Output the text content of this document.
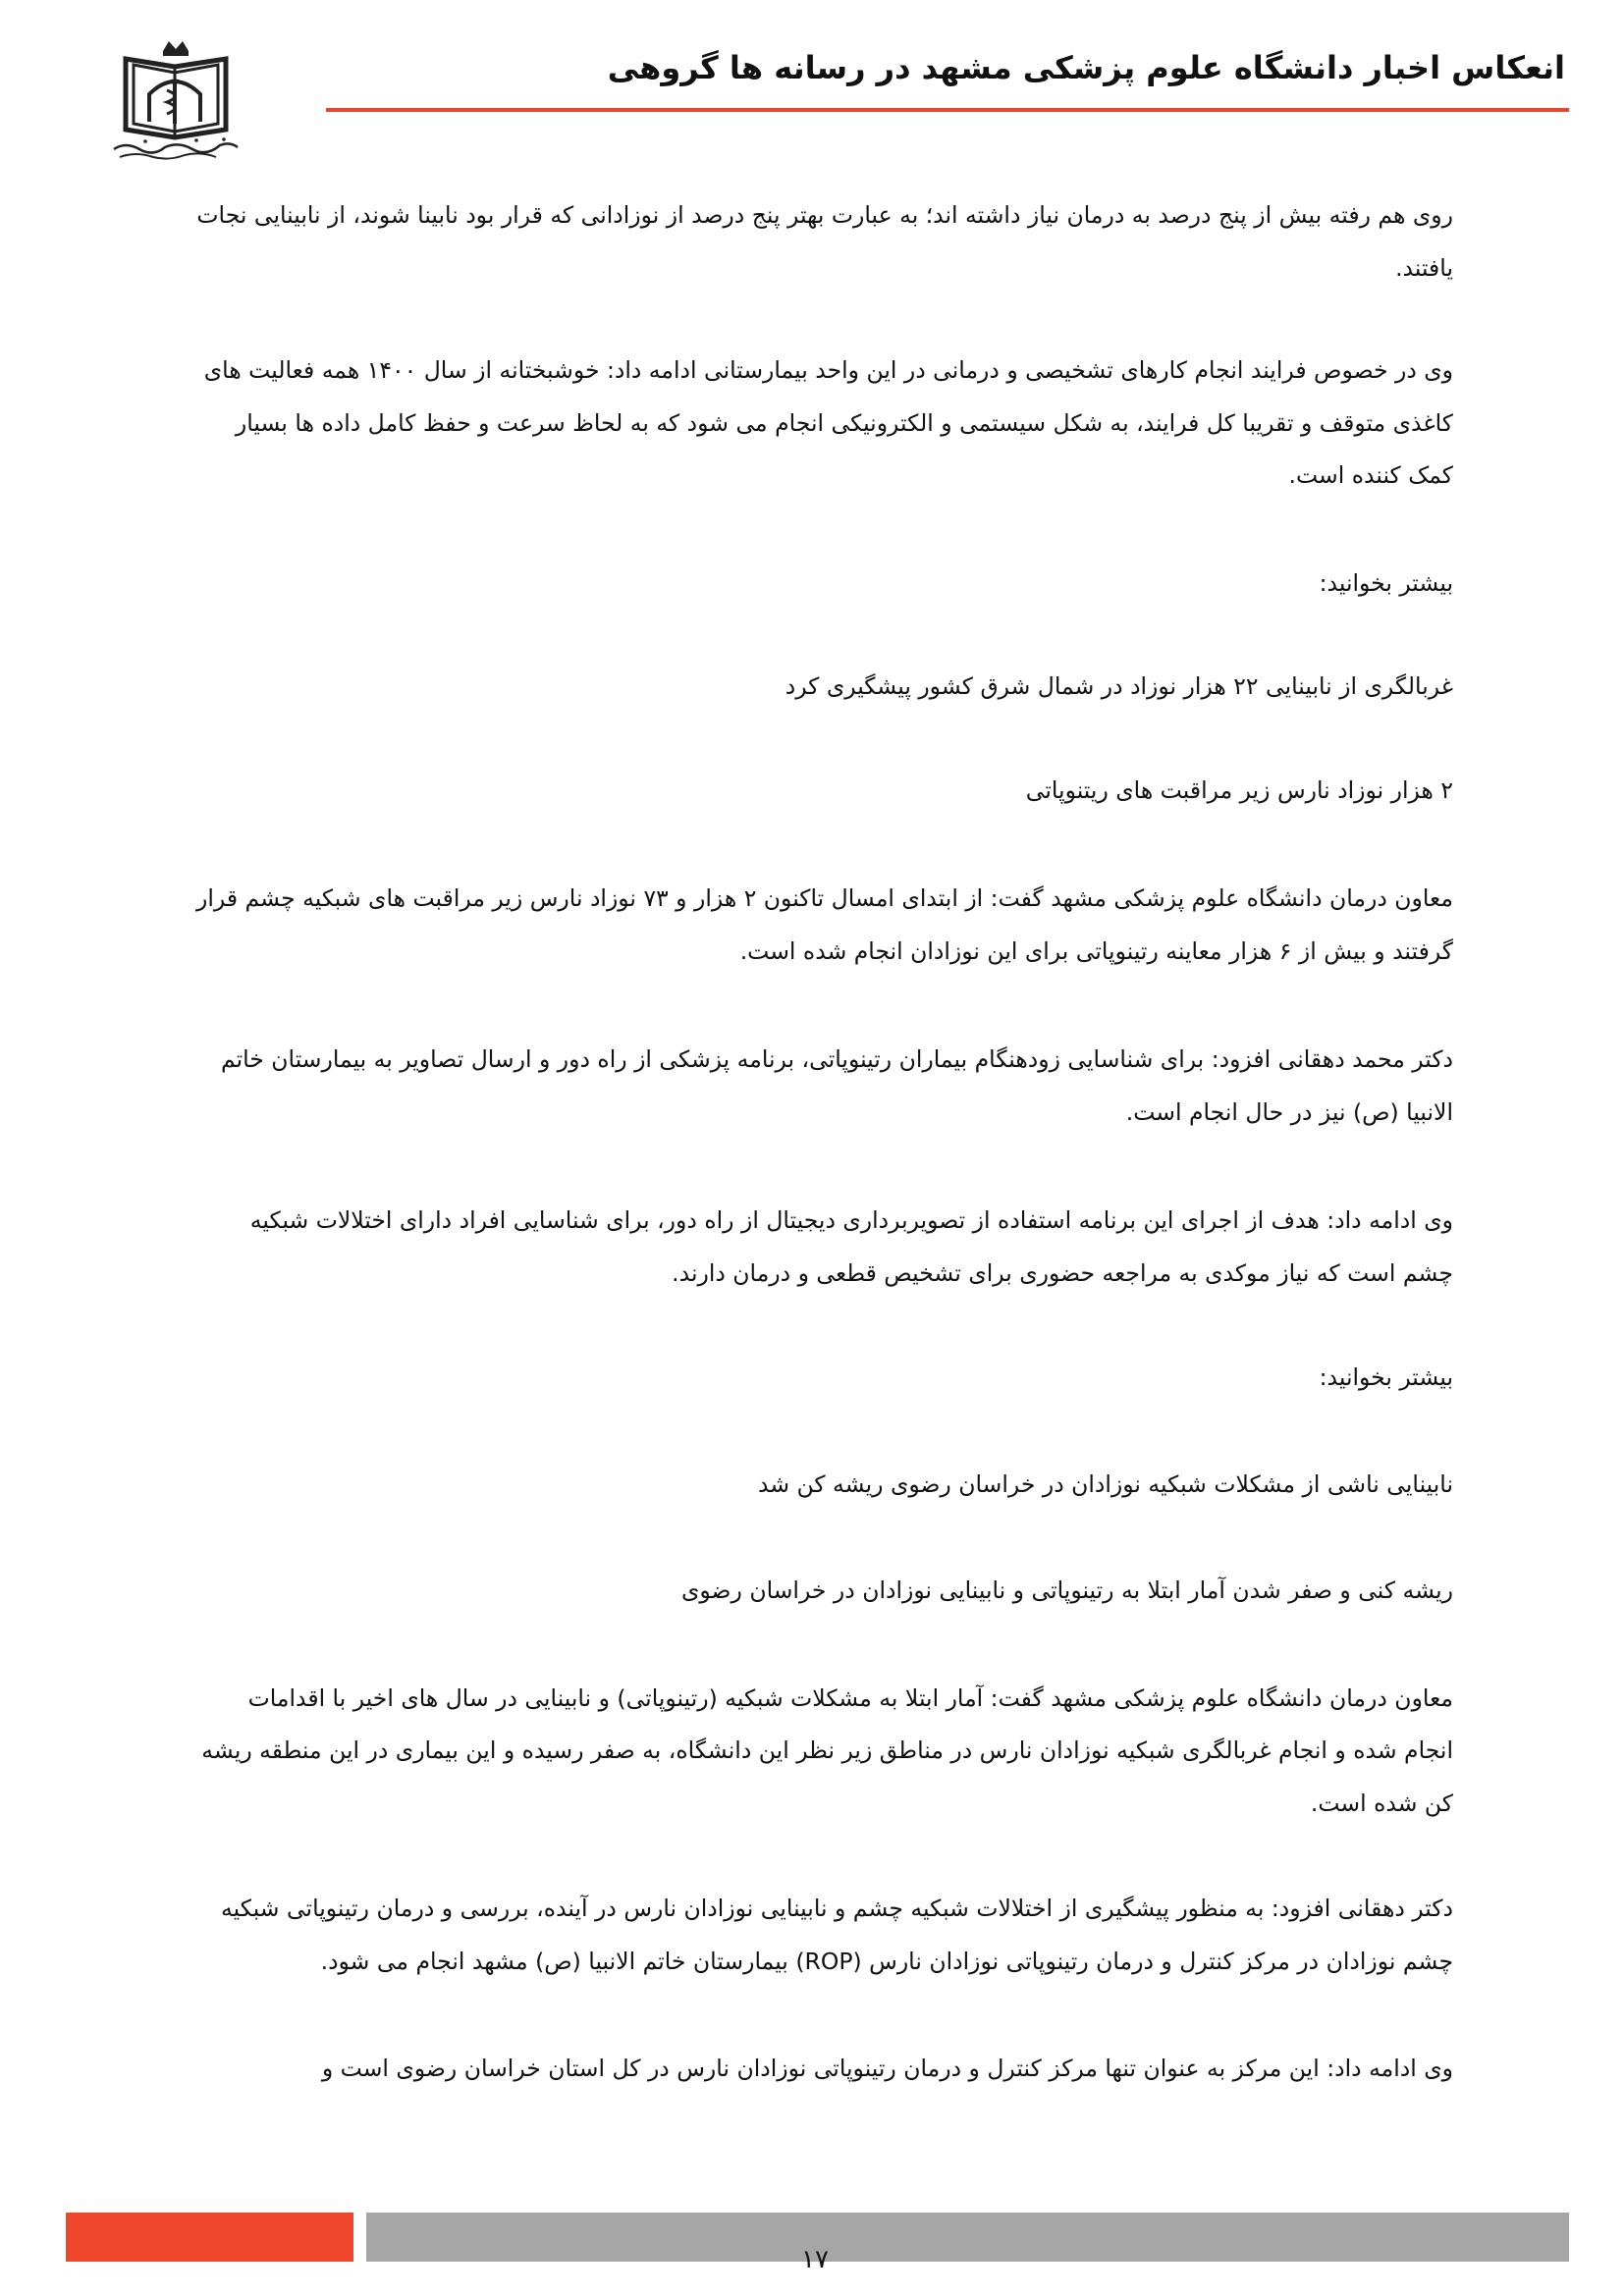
انعکاس اخبار دانشگاه علوم پزشکی مشهد در رسانه ها گروهی

روی هم رفته بیش از پنج درصد به درمان نیاز داشته اند؛ به عبارت بهتر پنج درصد از نوزادانی که قرار بود نابینا شوند، از نابینایی نجات یافتند.

وی در خصوص فرایند انجام کارهای تشخیصی و درمانی در این واحد بیمارستانی ادامه داد: خوشبختانه از سال ۱۴۰۰ همه فعالیت های کاغذی متوقف و تقریبا کل فرایند، به شکل سیستمی و الکترونیکی انجام می شود که به لحاظ سرعت و حفظ کامل داده ها بسیار کمک کننده است.

بیشتر بخوانید:

غربالگری از نابینایی ۲۲ هزار نوزاد در شمال شرق کشور پیشگیری کرد

۲ هزار نوزاد نارس زیر مراقبت های ریتنوپاتی

معاون درمان دانشگاه علوم پزشکی مشهد گفت: از ابتدای امسال تاکنون ۲ هزار و ۷۳ نوزاد نارس زیر مراقبت های شبکیه چشم قرار گرفتند و بیش از ۶ هزار معاینه رتینوپاتی برای این نوزادان انجام شده است.

دکتر محمد دهقانی افزود: برای شناسایی زودهنگام بیماران رتینوپاتی، برنامه پزشکی از راه دور و ارسال تصاویر به بیمارستان خاتم الانبیا (ص) نیز در حال انجام است.

وی ادامه داد: هدف از اجرای این برنامه استفاده از تصویربرداری دیجیتال از راه دور، برای شناسایی افراد دارای اختلالات شبکیه چشم است که نیاز موکدی به مراجعه حضوری برای تشخیص قطعی و درمان دارند.

بیشتر بخوانید:

نابینایی ناشی از مشکلات شبکیه نوزادان در خراسان رضوی ریشه کن شد

ریشه کنی و صفر شدن آمار ابتلا به رتینوپاتی و نابینایی نوزادان در خراسان رضوی

معاون درمان دانشگاه علوم پزشکی مشهد گفت: آمار ابتلا به مشکلات شبکیه (رتینوپاتی) و نابینایی در سال های اخیر با اقدامات انجام شده و انجام غربالگری شبکیه نوزادان نارس در مناطق زیر نظر این دانشگاه، به صفر رسیده و این بیماری در این منطقه ریشه کن شده است.

دکتر دهقانی افزود: به منظور پیشگیری از اختلالات شبکیه چشم و نابینایی نوزادان نارس در آینده، بررسی و درمان رتینوپاتی شبکیه چشم نوزادان در مرکز کنترل و درمان رتینوپاتی نوزادان نارس (ROP) بیمارستان خاتم الانبیا (ص) مشهد انجام می شود.

وی ادامه داد: این مرکز به عنوان تنها مرکز کنترل و درمان رتینوپاتی نوزادان نارس در کل استان خراسان رضوی است و

۱۷
